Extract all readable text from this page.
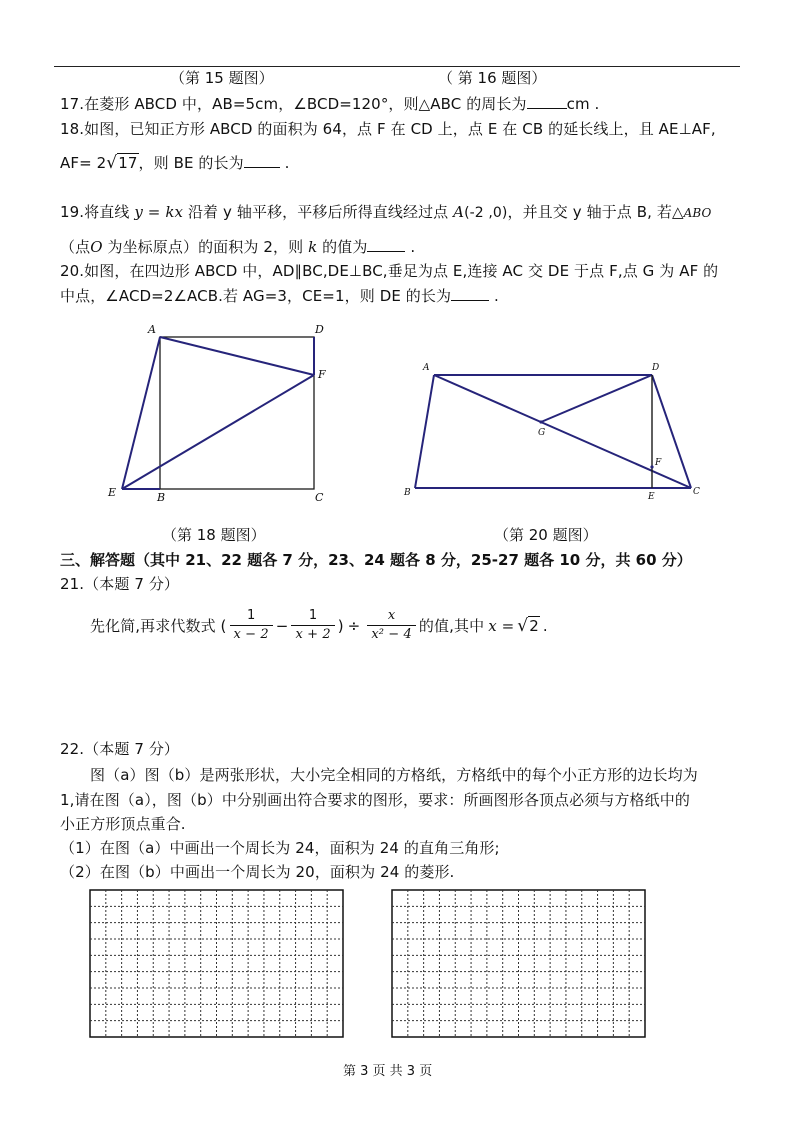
（第 15 题图）	（ 第 16 题图）
17.在菱形 ABCD 中，AB=5cm，∠BCD=120°，则△ABC 的周长为	cm .
18.如图，已知正方形 ABCD 的面积为 64，点 F 在 CD 上，点 E 在 CB 的延长线上，且 AE⊥AF,
AF= 2√17，则 BE 的长为	.
19.将直线 y = kx 沿着 y 轴平移，平移后所得直线经过点 A(-2 ,0)，并且交 y 轴于点 B, 若△ABO
（点O 为坐标原点）的面积为 2，则 k 的值为	.
20.如图，在四边形 ABCD 中，AD∥BC,DE⊥BC,垂足为点 E,连接 AC 交 DE 于点 F,点 G 为 AF 的
中点，∠ACD=2∠ACB.若 AG=3，CE=1，则 DE 的长为	.
A	D
F
E	B	C
A	D
G
F
B	E	C
（第 18 题图）	（第 20 题图）
三、解答题（其中 21、22 题各 7 分，23、24 题各 8 分，25-27 题各 10 分，共 60 分）
21.（本题 7 分）
先化简,再求代数式 ( $\frac{1}{x - 2} - \frac{1}{x + 2}$ ) ÷ $\frac{x}{\text{x² − 4}}$ 的值,其中 x = √ 2 .
22.（本题 7 分）
图（a）图（b）是两张形状，大小完全相同的方格纸，方格纸中的每个小正方形的边长均为
1,请在图（a），图（b）中分别画出符合要求的图形，要求：所画图形各顶点必须与方格纸中的
小正方形顶点重合.
（1）在图（a）中画出一个周长为 24，面积为 24 的直角三角形;
（2）在图（b）中画出一个周长为 20，面积为 24 的菱形.
第 3 页 共 3 页
